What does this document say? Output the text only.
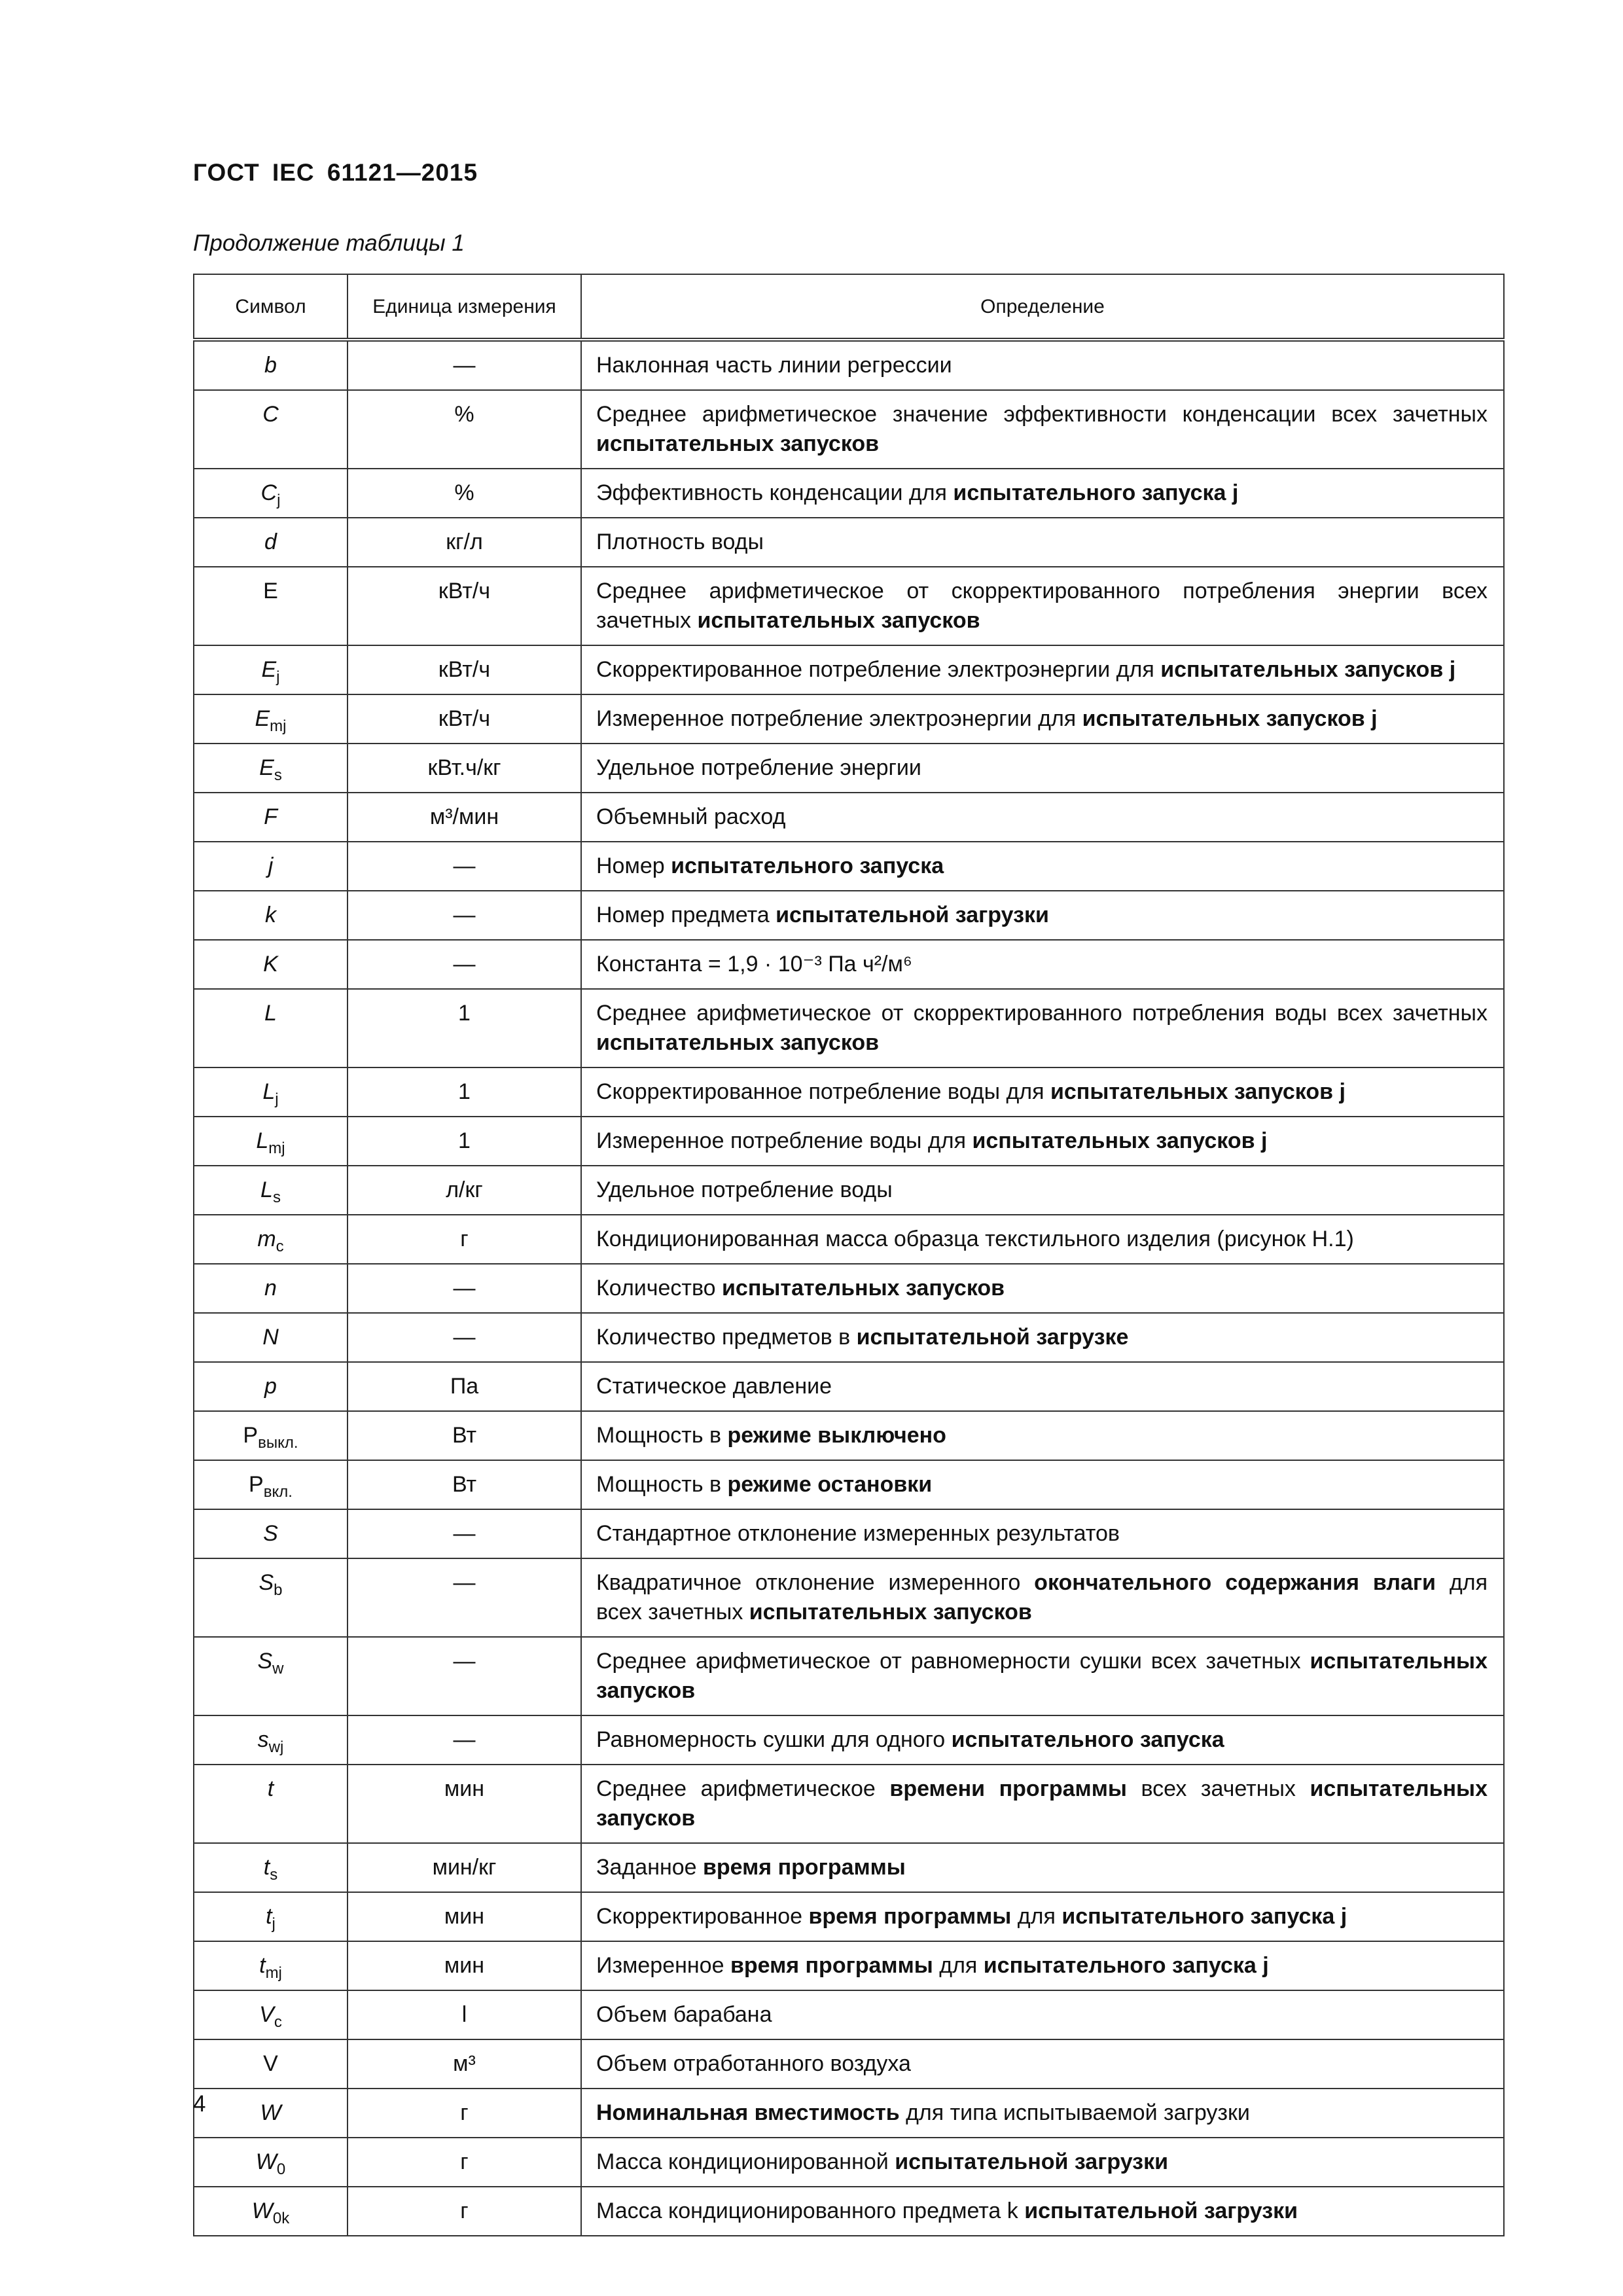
ГОСТ IEC 61121—2015
Продолжение таблицы 1
Символ	Единица измерения	Определение
b	—	Наклонная часть линии регрессии
C	%	Среднее арифметическое значение эффективности конденсации всех зачетных испытательных запусков
$C_j$	%	Эффективность конденсации для испытательного запуска j
d	кг/л	Плотность воды
E	кВт/ч	Среднее арифметическое от скорректированного потребления энергии всех зачетных испытательных запусков
$E_j$	кВт/ч	Скорректированное потребление электроэнергии для испытательных запусков j
$E_{mj}$	кВт/ч	Измеренное потребление электроэнергии для испытательных запусков j
$E_s$	кВт.ч/кг	Удельное потребление энергии
F	м³/мин	Объемный расход
j	—	Номер испытательного запуска
k	—	Номер предмета испытательной загрузки
K	—	Константа = 1,9 · 10⁻³ Па ч²/м⁶
L	1	Среднее арифметическое от скорректированного потребления воды всех зачетных испытательных запусков
$L_j$	1	Скорректированное потребление воды для испытательных запусков j
$L_{mj}$	1	Измеренное потребление воды для испытательных запусков j
$L_s$	л/кг	Удельное потребление воды
$m_c$	г	Кондиционированная масса образца текстильного изделия (рисунок Н.1)
n	—	Количество испытательных запусков
N	—	Количество предметов в испытательной загрузке
p	Па	Статическое давление
$P_{выкл.}$	Вт	Мощность в режиме выключено
$P_{вкл.}$	Вт	Мощность в режиме остановки
S	—	Стандартное отклонение измеренных результатов
$S_b$	—	Квадратичное отклонение измеренного окончательного содержания влаги для всех зачетных испытательных запусков
$S_w$	—	Среднее арифметическое от равномерности сушки всех зачетных испытательных запусков
$s_{wj}$	—	Равномерность сушки для одного испытательного запуска
t	мин	Среднее арифметическое времени программы всех зачетных испытательных запусков
$t_s$	мин/кг	Заданное время программы
$t_j$	мин	Скорректированное время программы для испытательного запуска j
$t_{mj}$	мин	Измеренное время программы для испытательного запуска j
$V_c$	l	Объем барабана
V	м³	Объем отработанного воздуха
W	г	Номинальная вместимость для типа испытываемой загрузки
$W_0$	г	Масса кондиционированной испытательной загрузки
$W_{0k}$	г	Масса кондиционированного предмета k испытательной загрузки
4
